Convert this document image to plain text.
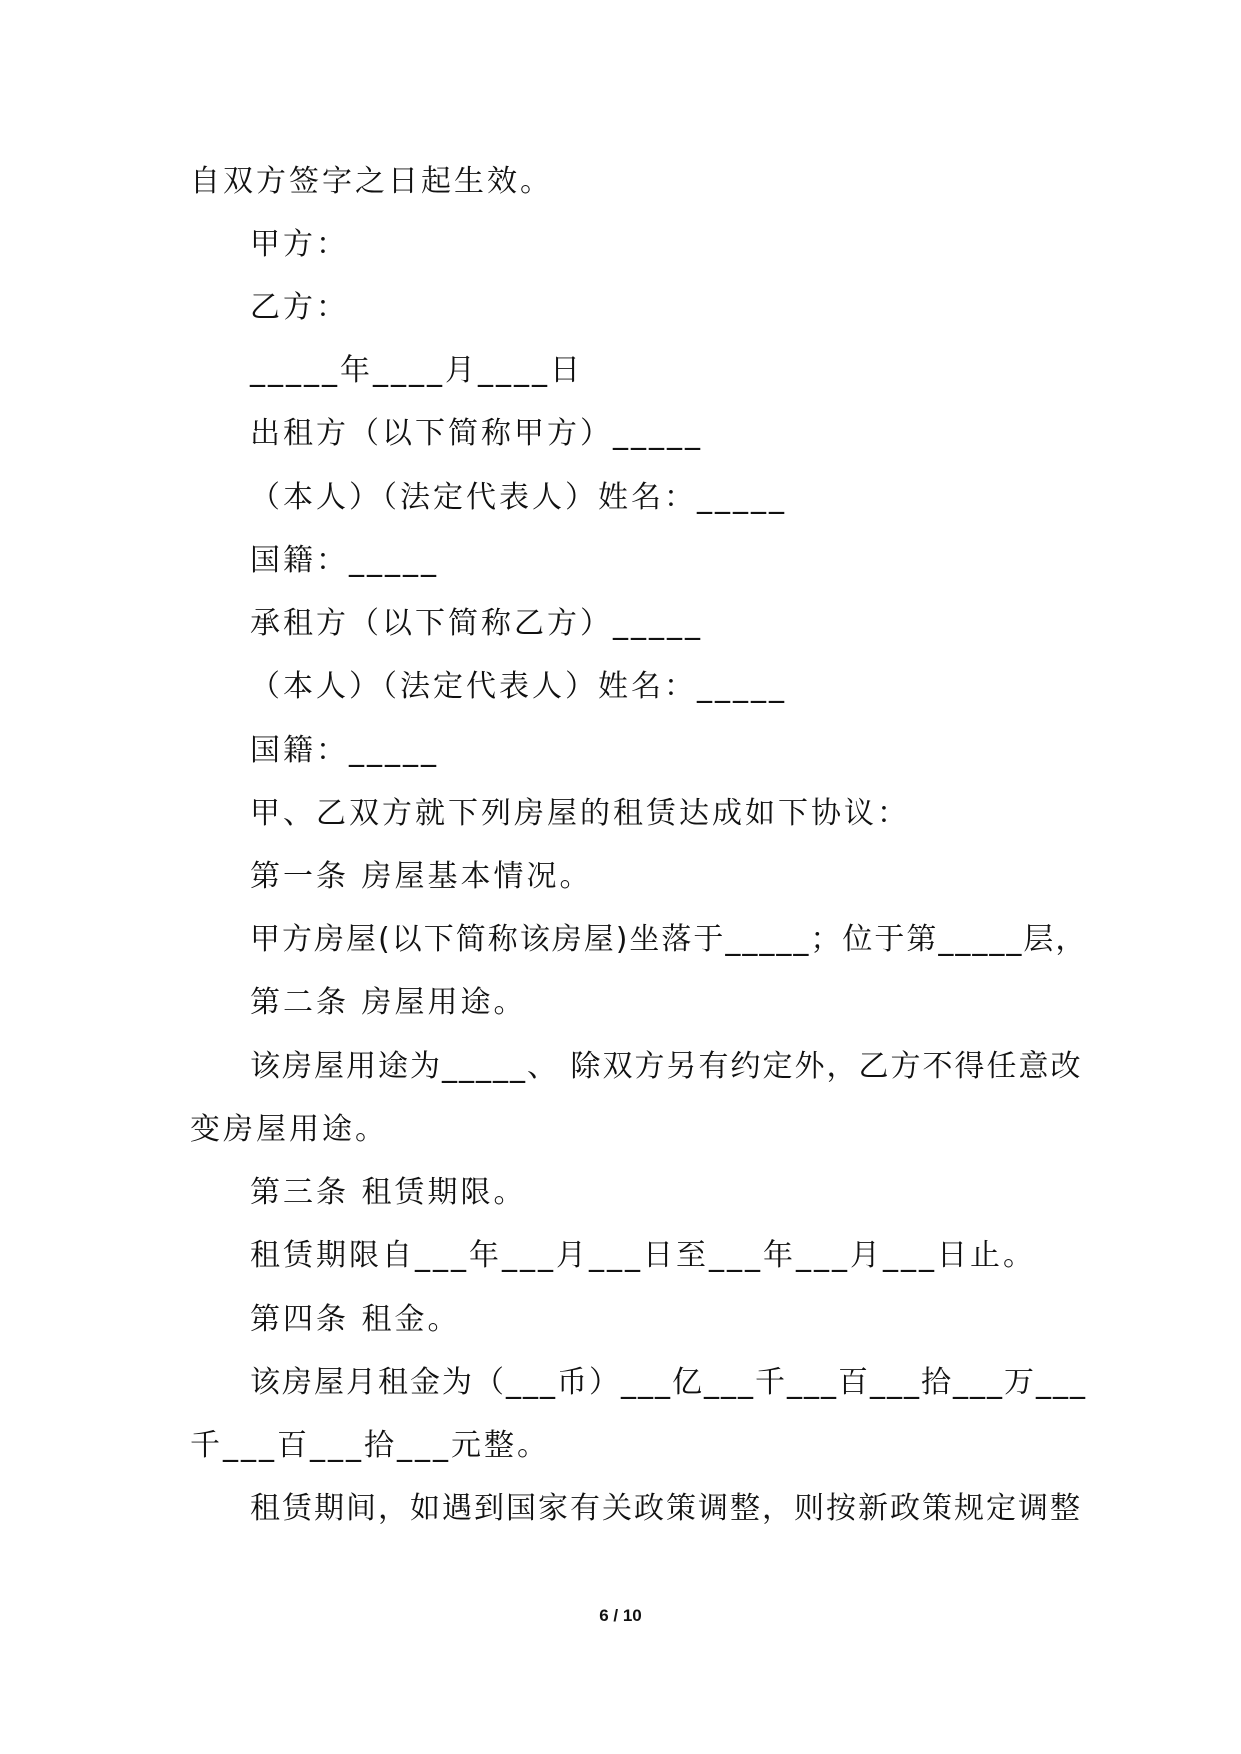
自双方签字之日起生效。
甲方：
乙方：
_____年____月____日
出租方（以下简称甲方）_____
（本人）（法定代表人）姓名：_____
国籍：_____
承租方（以下简称乙方）_____
（本人）（法定代表人）姓名：_____
国籍：_____
甲、乙双方就下列房屋的租赁达成如下协议：
第一条 房屋基本情况。
甲方房屋(以下简称该房屋)坐落于_____；位于第_____层，
第二条 房屋用途。
该房屋用途为_____、 除双方另有约定外，乙方不得任意改
变房屋用途。
第三条 租赁期限。
租赁期限自___年___月___日至___年___月___日止。
第四条 租金。
该房屋月租金为（___币）___亿___千___百___拾___万___
千___百___拾___元整。
租赁期间，如遇到国家有关政策调整，则按新政策规定调整
6 / 10
